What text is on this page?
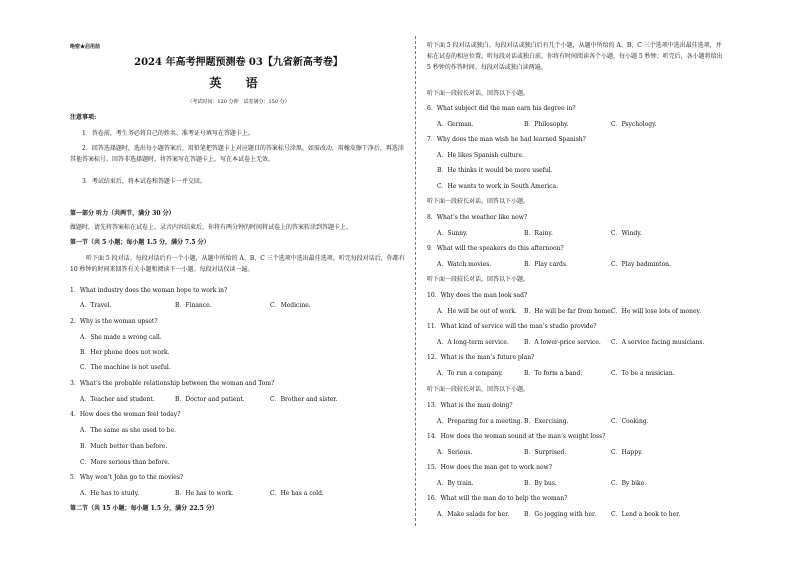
绝密★启用前
2024 年高考押题预测卷 03【九省新高考卷】
英 语
（考试时间：120 分钟　试卷满分：150 分）
注意事项:
1．答卷前，考生务必将自己的姓名、准考证号填写在答题卡上。
2．回答选择题时，选出每小题答案后，用铅笔把答题卡上对应题目的答案标号涂黑。如需改动，用橡皮擦干净后，再选涂其他答案标号。回答非选择题时，将答案写在答题卡上，写在本试卷上无效。
3．考试结束后，将本试卷和答题卡一并交回。
第一部分 听力（共两节，满分 30 分）
做题时，请先将答案标在试卷上。录音内容结束后，你将有两分钟的时间将试卷上的答案转涂到答题卡上。
第一节（共 5 小题；每小题 1.5 分，满分 7.5 分）
听下面 5 段对话。每段对话后有一个小题，从题中所给的 A、B、C 三个选项中选出最佳选项。听完每段对话后，你都有 10 秒钟的时间来回答有关小题和阅读下一小题。每段对话仅读一遍。
1．What industry does the woman hope to work in?
A．Travel.	B．Finance.	C．Medicine.
2．Why is the woman upset?
A．She made a wrong call.
B．Her phone does not work.
C．The machine is not useful.
3．What’s the probable relationship between the woman and Tom?
A．Teacher and student.	B．Doctor and patient.	C．Brother and sister.
4．How does the woman feel today?
A．The same as she used to be.
B．Much better than before.
C．More serious than before.
5．Why won’t John go to the movies?
A．He has to study.	B．He has to work.	C．He has a cold.
第二节（共 15 小题；每小题 1.5 分，满分 22.5 分）
听下面 5 段对话或独白。每段对话或独白后有几个小题，从题中所给的 A、B、C 三个选项中选出最佳选项，并标在试卷的相应位置。听每段对话或独白前，你将有时间阅读各个小题，每小题 5 秒钟；听完后，各小题将给出 5 秒钟的作答时间。每段对话或独白读两遍。
听下面一段较长对话，回答以下小题。
6．What subject did the man earn his degree in?
A．German.	B．Philosophy.	C．Psychology.
7．Why does the man wish he had learned Spanish?
A．He likes Spanish culture.
B．He thinks it would be more useful.
C．He wants to work in South America.
听下面一段较长对话，回答以下小题。
8．What’s the weather like now?
A．Sunny.	B．Rainy.	C．Windy.
9．What will the speakers do this afternoon?
A．Watch movies.	B．Play cards.	C．Play badminton.
听下面一段较长对话，回答以下小题。
10．Why does the man look sad?
A．He will be out of work. B．He will be far from home.
C．He will lose lots of money.
11．What kind of service will the man’s studio provide?
A．A long-term service.	B．A lower-price service. C．A service facing musicians.
12．What is the man’s future plan?
A．To run a company.	B．To form a band.	C．To be a musician.
听下面一段较长对话，回答以下小题。
13．What is the man doing?
A．Preparing for a meeting. B．Exercising.	C．Cooking.
14．How does the woman sound at the man’s weight loss?
A．Serious.	B．Surprised.	C．Happy.
15．How does the man get to work now?
A．By train.	B．By bus.	C．By bike.
16．What will the man do to help the woman?
A．Make salads for her. B．Go jogging with her. C．Lend a book to her.
